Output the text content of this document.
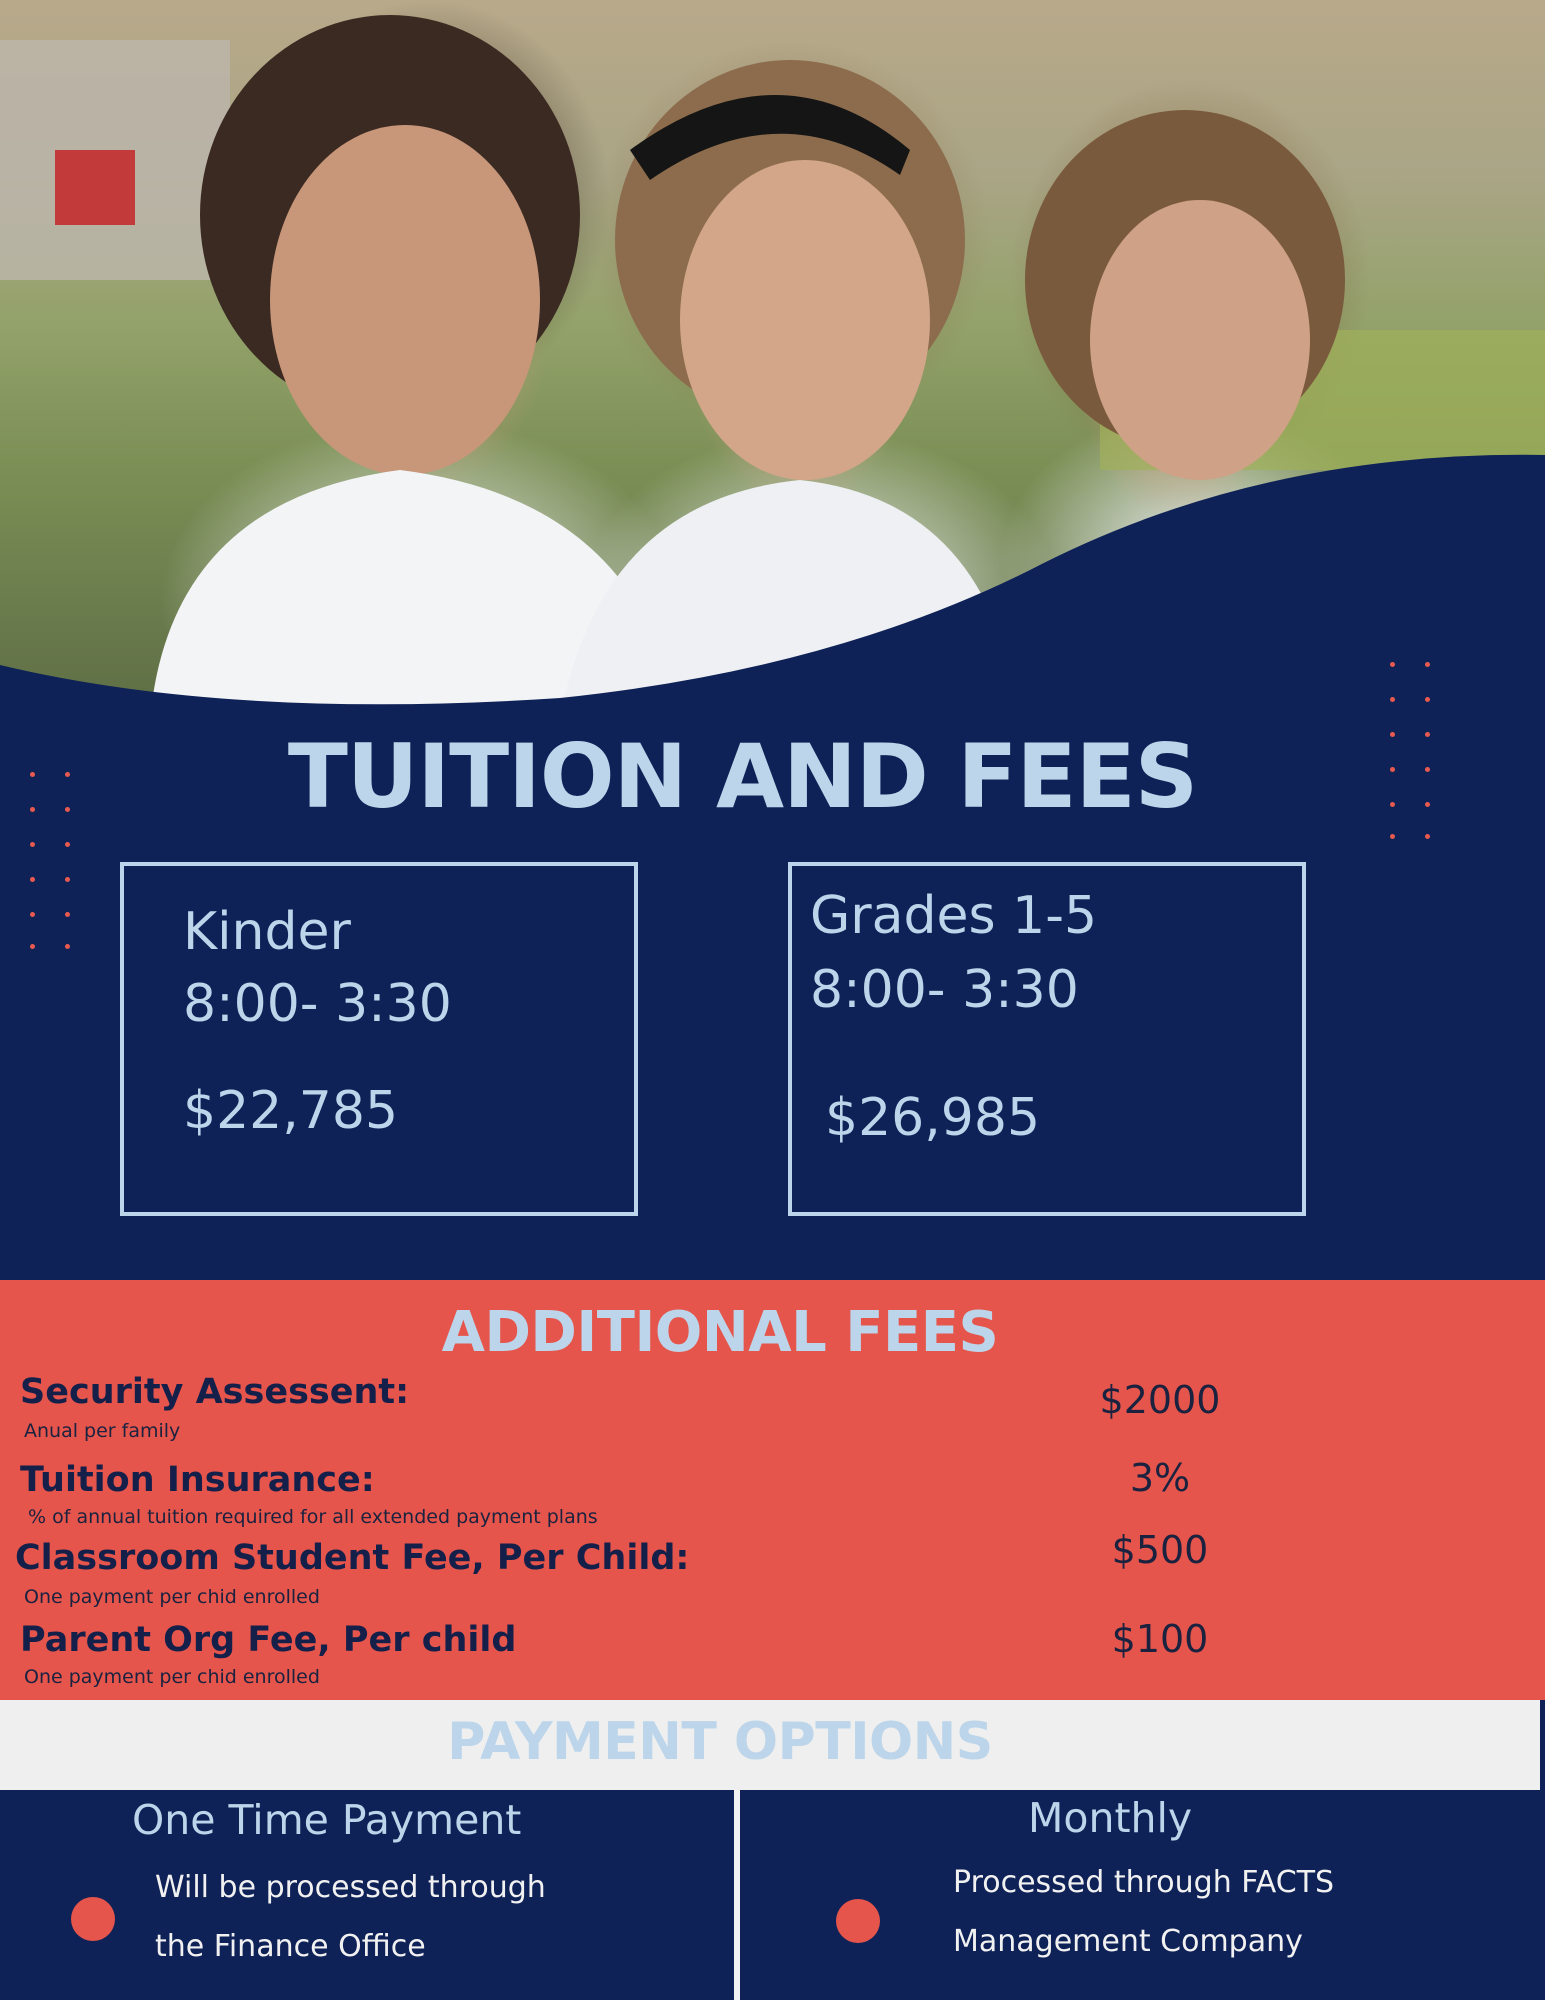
TUITION AND FEES
Kinder
8:00- 3:30
$22,785
Grades 1-5
8:00- 3:30
$26,985
ADDITIONAL FEES
Security Assessent:
Anual per family
$2000
Tuition Insurance:
% of annual tuition required for all extended payment plans
3%
Classroom Student Fee, Per Child:
One payment per chid enrolled
$500
Parent Org Fee, Per child
One payment per chid enrolled
$100
PAYMENT OPTIONS
One Time Payment
Will be processed through
the Finance Office
Monthly
Processed through FACTS
Management Company
